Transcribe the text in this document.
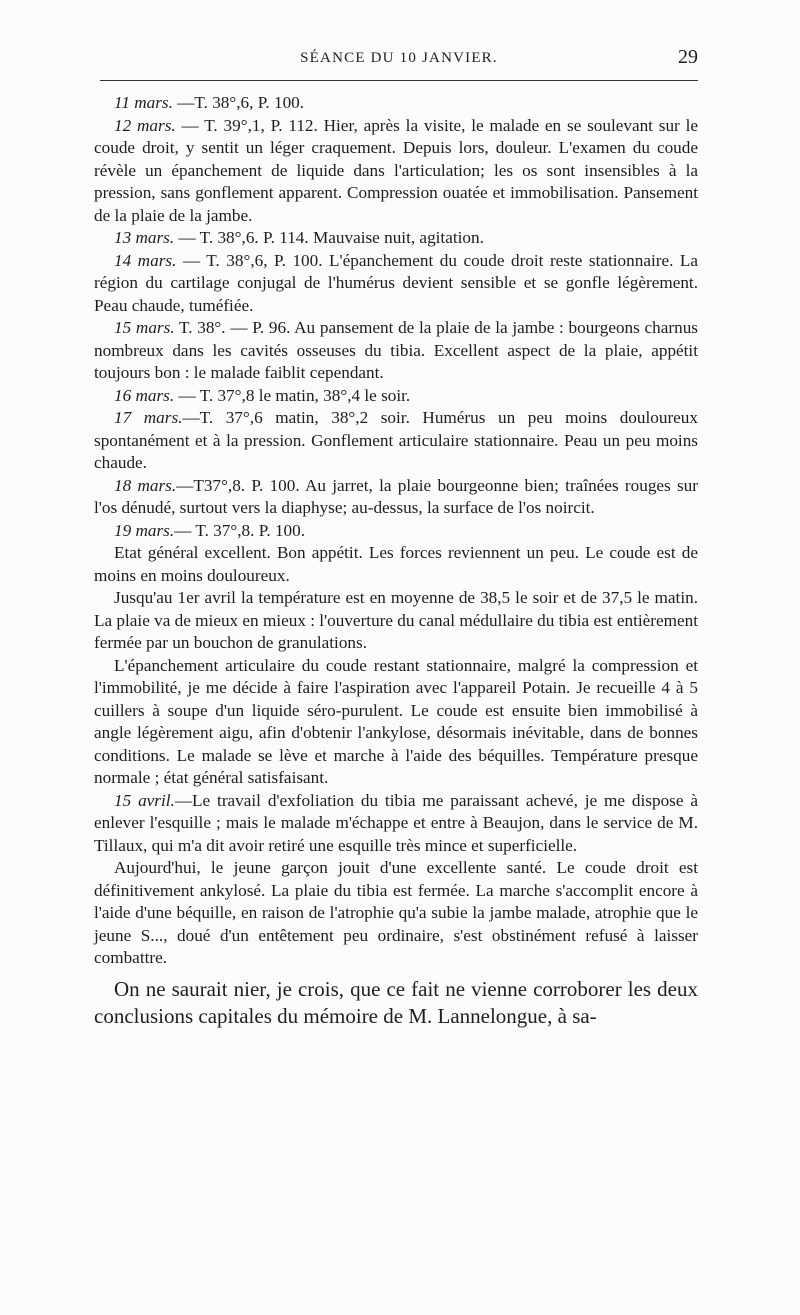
SÉANCE DU 10 JANVIER.	29

11 mars. —T. 38°,6, P. 100.

12 mars. — T. 39°,1, P. 112. Hier, après la visite, le malade en se soulevant sur le coude droit, y sentit un léger craquement. Depuis lors, douleur. L'examen du coude révèle un épanchement de liquide dans l'articulation; les os sont insensibles à la pression, sans gonflement apparent. Compression ouatée et immobilisation. Pansement de la plaie de la jambe.

13 mars. — T. 38°,6. P. 114. Mauvaise nuit, agitation.

14 mars. — T. 38°,6, P. 100. L'épanchement du coude droit reste stationnaire. La région du cartilage conjugal de l'humérus devient sensible et se gonfle légèrement. Peau chaude, tuméfiée.

15 mars. T. 38°. — P. 96. Au pansement de la plaie de la jambe : bourgeons charnus nombreux dans les cavités osseuses du tibia. Excellent aspect de la plaie, appétit toujours bon : le malade faiblit cependant.

16 mars. — T. 37°,8 le matin, 38°,4 le soir.

17 mars.—T. 37°,6 matin, 38°,2 soir. Humérus un peu moins douloureux spontanément et à la pression. Gonflement articulaire stationnaire. Peau un peu moins chaude.

18 mars.—T37°,8. P. 100. Au jarret, la plaie bourgeonne bien; traînées rouges sur l'os dénudé, surtout vers la diaphyse; au-dessus, la surface de l'os noircit.

19 mars.— T. 37°,8. P. 100.

Etat général excellent. Bon appétit. Les forces reviennent un peu. Le coude est de moins en moins douloureux.

Jusqu'au 1er avril la température est en moyenne de 38,5 le soir et de 37,5 le matin. La plaie va de mieux en mieux : l'ouverture du canal médullaire du tibia est entièrement fermée par un bouchon de granulations.

L'épanchement articulaire du coude restant stationnaire, malgré la compression et l'immobilité, je me décide à faire l'aspiration avec l'appareil Potain. Je recueille 4 à 5 cuillers à soupe d'un liquide séro-purulent. Le coude est ensuite bien immobilisé à angle légèrement aigu, afin d'obtenir l'ankylose, désormais inévitable, dans de bonnes conditions. Le malade se lève et marche à l'aide des béquilles. Température presque normale ; état général satisfaisant.

15 avril.—Le travail d'exfoliation du tibia me paraissant achevé, je me dispose à enlever l'esquille ; mais le malade m'échappe et entre à Beaujon, dans le service de M. Tillaux, qui m'a dit avoir retiré une esquille très mince et superficielle.

Aujourd'hui, le jeune garçon jouit d'une excellente santé. Le coude droit est définitivement ankylosé. La plaie du tibia est fermée. La marche s'accomplit encore à l'aide d'une béquille, en raison de l'atrophie qu'a subie la jambe malade, atrophie que le jeune S..., doué d'un entêtement peu ordinaire, s'est obstinément refusé à laisser combattre.

On ne saurait nier, je crois, que ce fait ne vienne corroborer les deux conclusions capitales du mémoire de M. Lannelongue, à sa-
